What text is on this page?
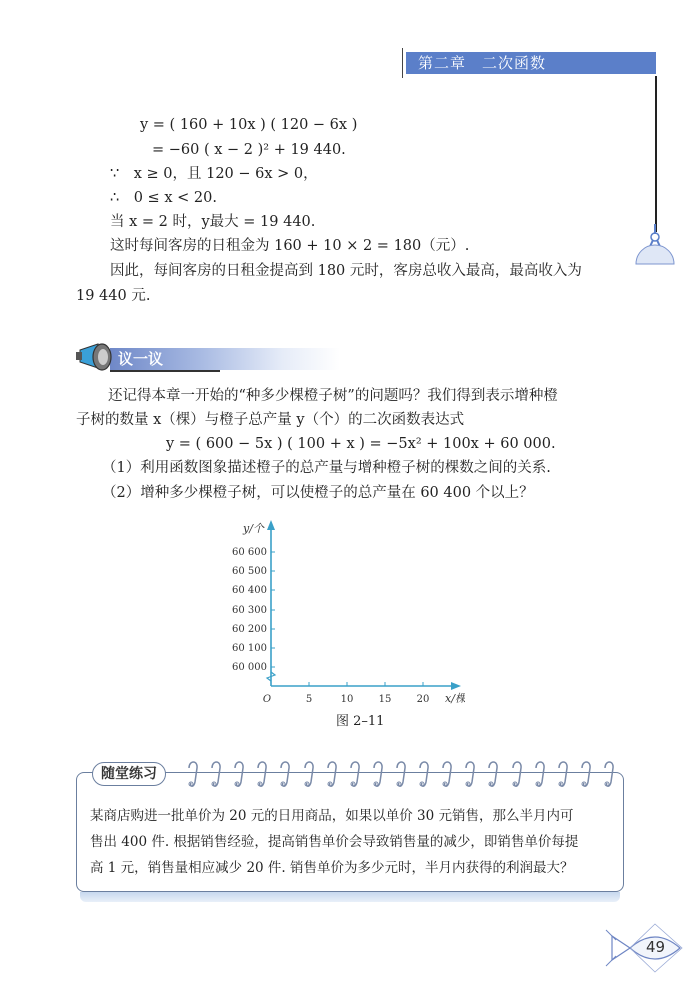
第二章　二次函数
y = ( 160 + 10x ) ( 120 − 6x )
= −60 ( x − 2 )² + 19 440.
∵　x ≥ 0，且 120 − 6x > 0，
∴　0 ≤ x < 20.
当 x = 2 时，y最大 = 19 440.
这时每间客房的日租金为 160 + 10 × 2 = 180（元）.
因此，每间客房的日租金提高到 180 元时，客房总收入最高，最高收入为
19 440 元.
议一议
还记得本章一开始的“种多少棵橙子树”的问题吗？我们得到表示增种橙
子树的数量 x（棵）与橙子总产量 y（个）的二次函数表达式
y = ( 600 − 5x ) ( 100 + x ) = −5x² + 100x + 60 000.
（1）利用函数图象描述橙子的总产量与增种橙子树的棵数之间的关系.
（2）增种多少棵橙子树，可以使橙子的总产量在 60 400 个以上？
60 000
60 100
60 200
60 300
60 400
60 500
60 600
y/个
O	5	10	15	20 x/棵
图 2–11
随堂练习
某商店购进一批单价为 20 元的日用商品，如果以单价 30 元销售，那么半月内可
售出 400 件. 根据销售经验，提高销售单价会导致销售量的减少，即销售单价每提
高 1 元，销售量相应减少 20 件. 销售单价为多少元时，半月内获得的利润最大？
49
